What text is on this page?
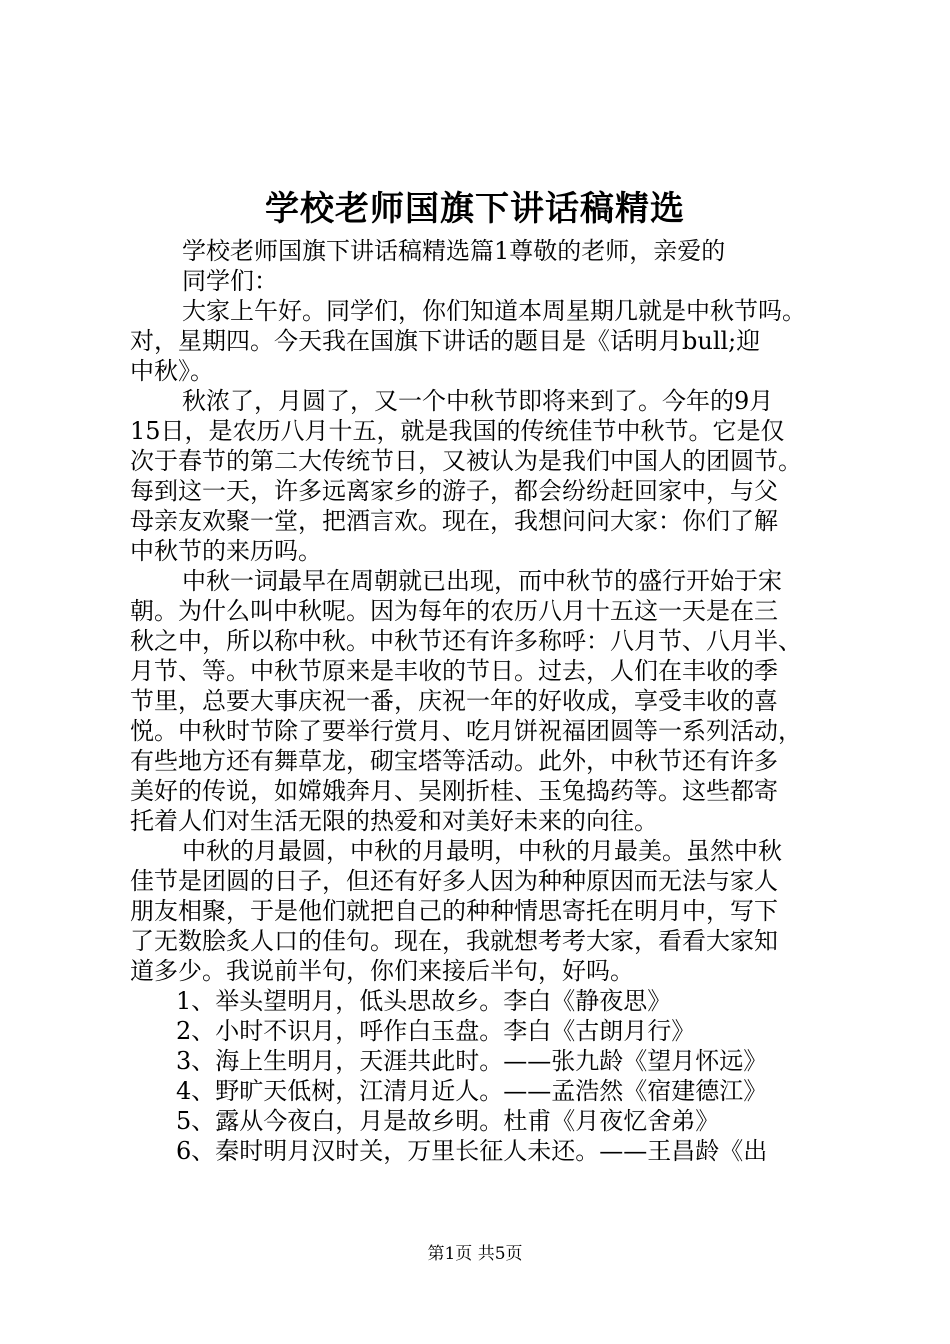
学校老师国旗下讲话稿精选
学校老师国旗下讲话稿精选篇1尊敬的老师，亲爱的
同学们：
大家上午好。同学们，你们知道本周星期几就是中秋节吗。
对，星期四。今天我在国旗下讲话的题目是《话明月bull;迎
中秋》。
秋浓了，月圆了，又一个中秋节即将来到了。今年的9月
15日，是农历八月十五，就是我国的传统佳节中秋节。它是仅
次于春节的第二大传统节日，又被认为是我们中国人的团圆节。
每到这一天，许多远离家乡的游子，都会纷纷赶回家中，与父
母亲友欢聚一堂，把酒言欢。现在，我想问问大家：你们了解
中秋节的来历吗。
中秋一词最早在周朝就已出现，而中秋节的盛行开始于宋
朝。为什么叫中秋呢。因为每年的农历八月十五这一天是在三
秋之中，所以称中秋。中秋节还有许多称呼：八月节、八月半、
月节、等。中秋节原来是丰收的节日。过去，人们在丰收的季
节里，总要大事庆祝一番，庆祝一年的好收成，享受丰收的喜
悦。中秋时节除了要举行赏月、吃月饼祝福团圆等一系列活动，
有些地方还有舞草龙，砌宝塔等活动。此外，中秋节还有许多
美好的传说，如嫦娥奔月、吴刚折桂、玉兔捣药等。这些都寄
托着人们对生活无限的热爱和对美好未来的向往。
中秋的月最圆，中秋的月最明，中秋的月最美。虽然中秋
佳节是团圆的日子，但还有好多人因为种种原因而无法与家人
朋友相聚，于是他们就把自己的种种情思寄托在明月中，写下
了无数脍炙人口的佳句。现在，我就想考考大家，看看大家知
道多少。我说前半句，你们来接后半句，好吗。
1、举头望明月，低头思故乡。李白《静夜思》
2、小时不识月，呼作白玉盘。李白《古朗月行》
3、海上生明月，天涯共此时。——张九龄《望月怀远》
4、野旷天低树，江清月近人。——孟浩然《宿建德江》
5、露从今夜白，月是故乡明。杜甫《月夜忆舍弟》
6、秦时明月汉时关，万里长征人未还。——王昌龄《出
第1页 共5页
